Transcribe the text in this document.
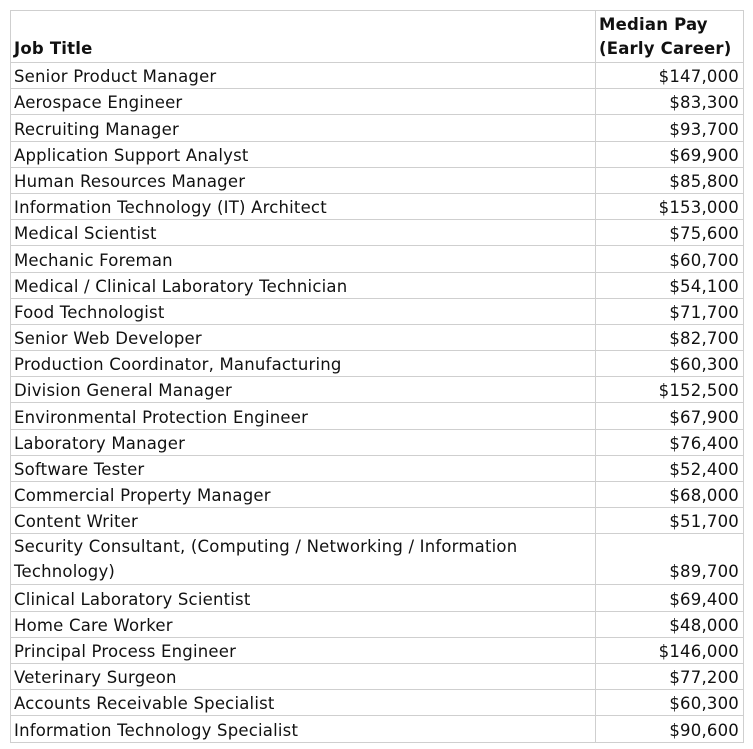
Job Title	Median Pay (Early Career)
Senior Product Manager	$147,000
Aerospace Engineer	$83,300
Recruiting Manager	$93,700
Application Support Analyst	$69,900
Human Resources Manager	$85,800
Information Technology (IT) Architect	$153,000
Medical Scientist	$75,600
Mechanic Foreman	$60,700
Medical / Clinical Laboratory Technician	$54,100
Food Technologist	$71,700
Senior Web Developer	$82,700
Production Coordinator, Manufacturing	$60,300
Division General Manager	$152,500
Environmental Protection Engineer	$67,900
Laboratory Manager	$76,400
Software Tester	$52,400
Commercial Property Manager	$68,000
Content Writer	$51,700
Security Consultant, (Computing / Networking / Information Technology)	$89,700
Clinical Laboratory Scientist	$69,400
Home Care Worker	$48,000
Principal Process Engineer	$146,000
Veterinary Surgeon	$77,200
Accounts Receivable Specialist	$60,300
Information Technology Specialist	$90,600
